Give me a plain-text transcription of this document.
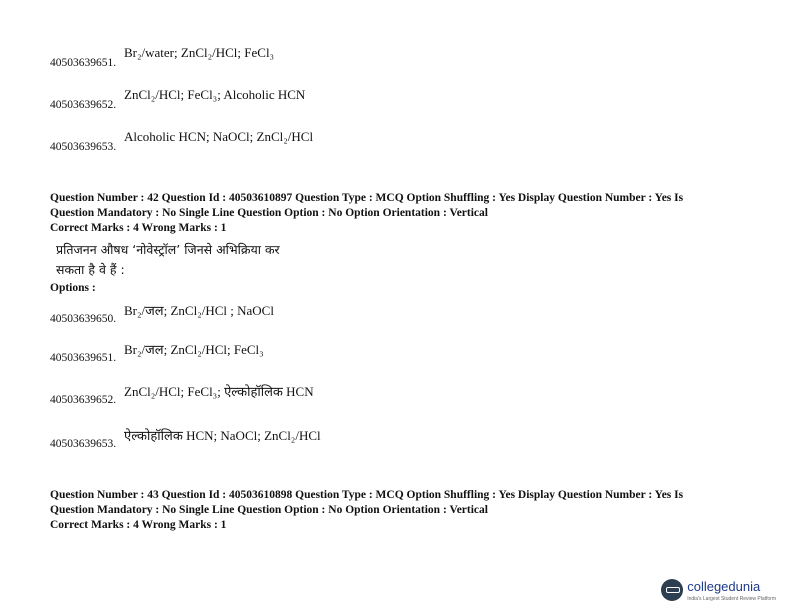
40503639651.
Br₂/water; ZnCl₂/HCl; FeCl₃
40503639652.
ZnCl₂/HCl; FeCl₃; Alcoholic HCN
40503639653.
Alcoholic HCN; NaOCl; ZnCl₂/HCl
Question Number : 42 Question Id : 40503610897 Question Type : MCQ Option Shuffling : Yes Display Question Number : Yes Is
Question Mandatory : No Single Line Question Option : No Option Orientation : Vertical
Correct Marks : 4 Wrong Marks : 1
प्रतिजनन औषध ‘नोवेस्ट्रॉल’ जिनसे अभिक्रिया कर
सकता है वे हैं :
Options :
40503639650.
Br₂/जल; ZnCl₂/HCl ; NaOCl
40503639651.
Br₂/जल; ZnCl₂/HCl; FeCl₃
40503639652.
ZnCl₂/HCl; FeCl₃; ऐल्कोहॉलिक HCN
40503639653.
ऐल्कोहॉलिक HCN; NaOCl; ZnCl₂/HCl
Question Number : 43 Question Id : 40503610898 Question Type : MCQ Option Shuffling : Yes Display Question Number : Yes Is
Question Mandatory : No Single Line Question Option : No Option Orientation : Vertical
Correct Marks : 4 Wrong Marks : 1
collegedunia
India's Largest Student Review Platform
